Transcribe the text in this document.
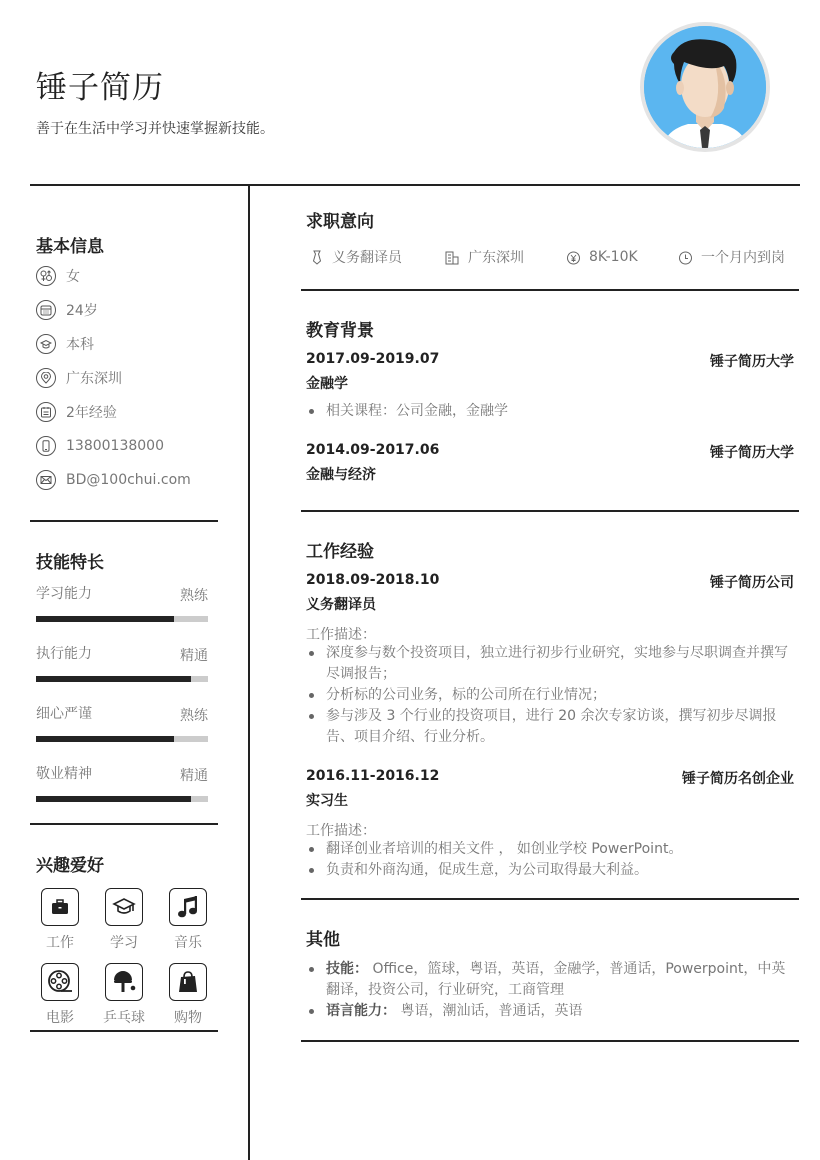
锤子简历
善于在生活中学习并快速掌握新技能。
基本信息
女
24岁
本科
广东深圳
2年经验
13800138000
BD@100chui.com
技能特长
学习能力	熟练
执行能力	精通
细心严谨	熟练
敬业精神	精通
兴趣爱好
工作	学习	音乐
电影	乒乓球	购物
求职意向
义务翻译员	广东深圳	8K-10K	一个月内到岗
教育背景
2017.09-2019.07	锤子简历大学
金融学
相关课程：公司金融，金融学
2014.09-2017.06	锤子简历大学
金融与经济
工作经验
2018.09-2018.10	锤子简历公司
义务翻译员
工作描述：
深度参与数个投资项目，独立进行初步行业研究，实地参与尽职调查并撰写尽调报告；
分析标的公司业务，标的公司所在行业情况；
参与涉及 3 个行业的投资项目，进行 20 余次专家访谈，撰写初步尽调报告、项目介绍、行业分析。
2016.11-2016.12	锤子简历名创企业
实习生
工作描述：
翻译创业者培训的相关文件 ， 如创业学校 PowerPoint。
负责和外商沟通，促成生意，为公司取得最大利益。
其他
技能： Office，篮球，粤语，英语，金融学，普通话，Powerpoint，中英翻译，投资公司，行业研究，工商管理
语言能力： 粤语，潮汕话，普通话，英语
